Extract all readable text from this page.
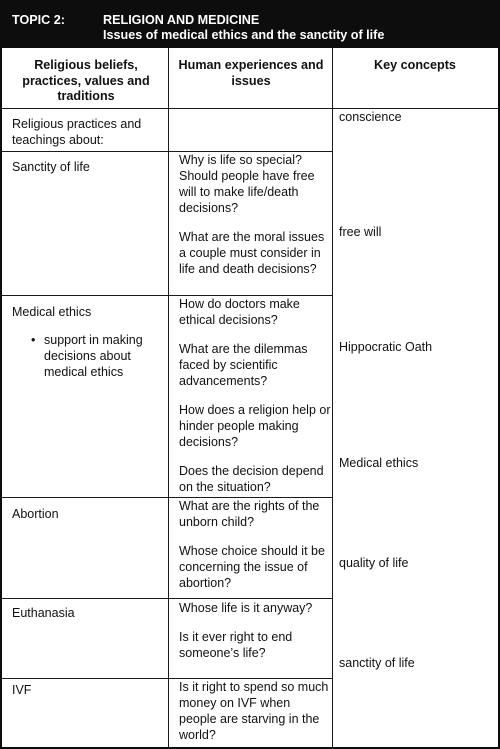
TOPIC 2:	RELIGION AND MEDICINE
Issues of medical ethics and the sanctity of life
Religious beliefs, practices, values and traditions
Human experiences and issues
Key concepts
Religious practices and teachings about:
Sanctity of life
Medical ethics
• support in making decisions about medical ethics
Abortion
Euthanasia
IVF

Why is life so special? Should people have free will to make life/death decisions?

What are the moral issues a couple must consider in life and death decisions?

How do doctors make ethical decisions?

What are the dilemmas faced by scientific advancements?

How does a religion help or hinder people making decisions?

Does the decision depend on the situation?

What are the rights of the unborn child?

Whose choice should it be concerning the issue of abortion?

Whose life is it anyway?

Is it ever right to end someone’s life?

Is it right to spend so much money on IVF when people are starving in the world?

conscience
free will
Hippocratic Oath
Medical ethics
quality of life
sanctity of life
